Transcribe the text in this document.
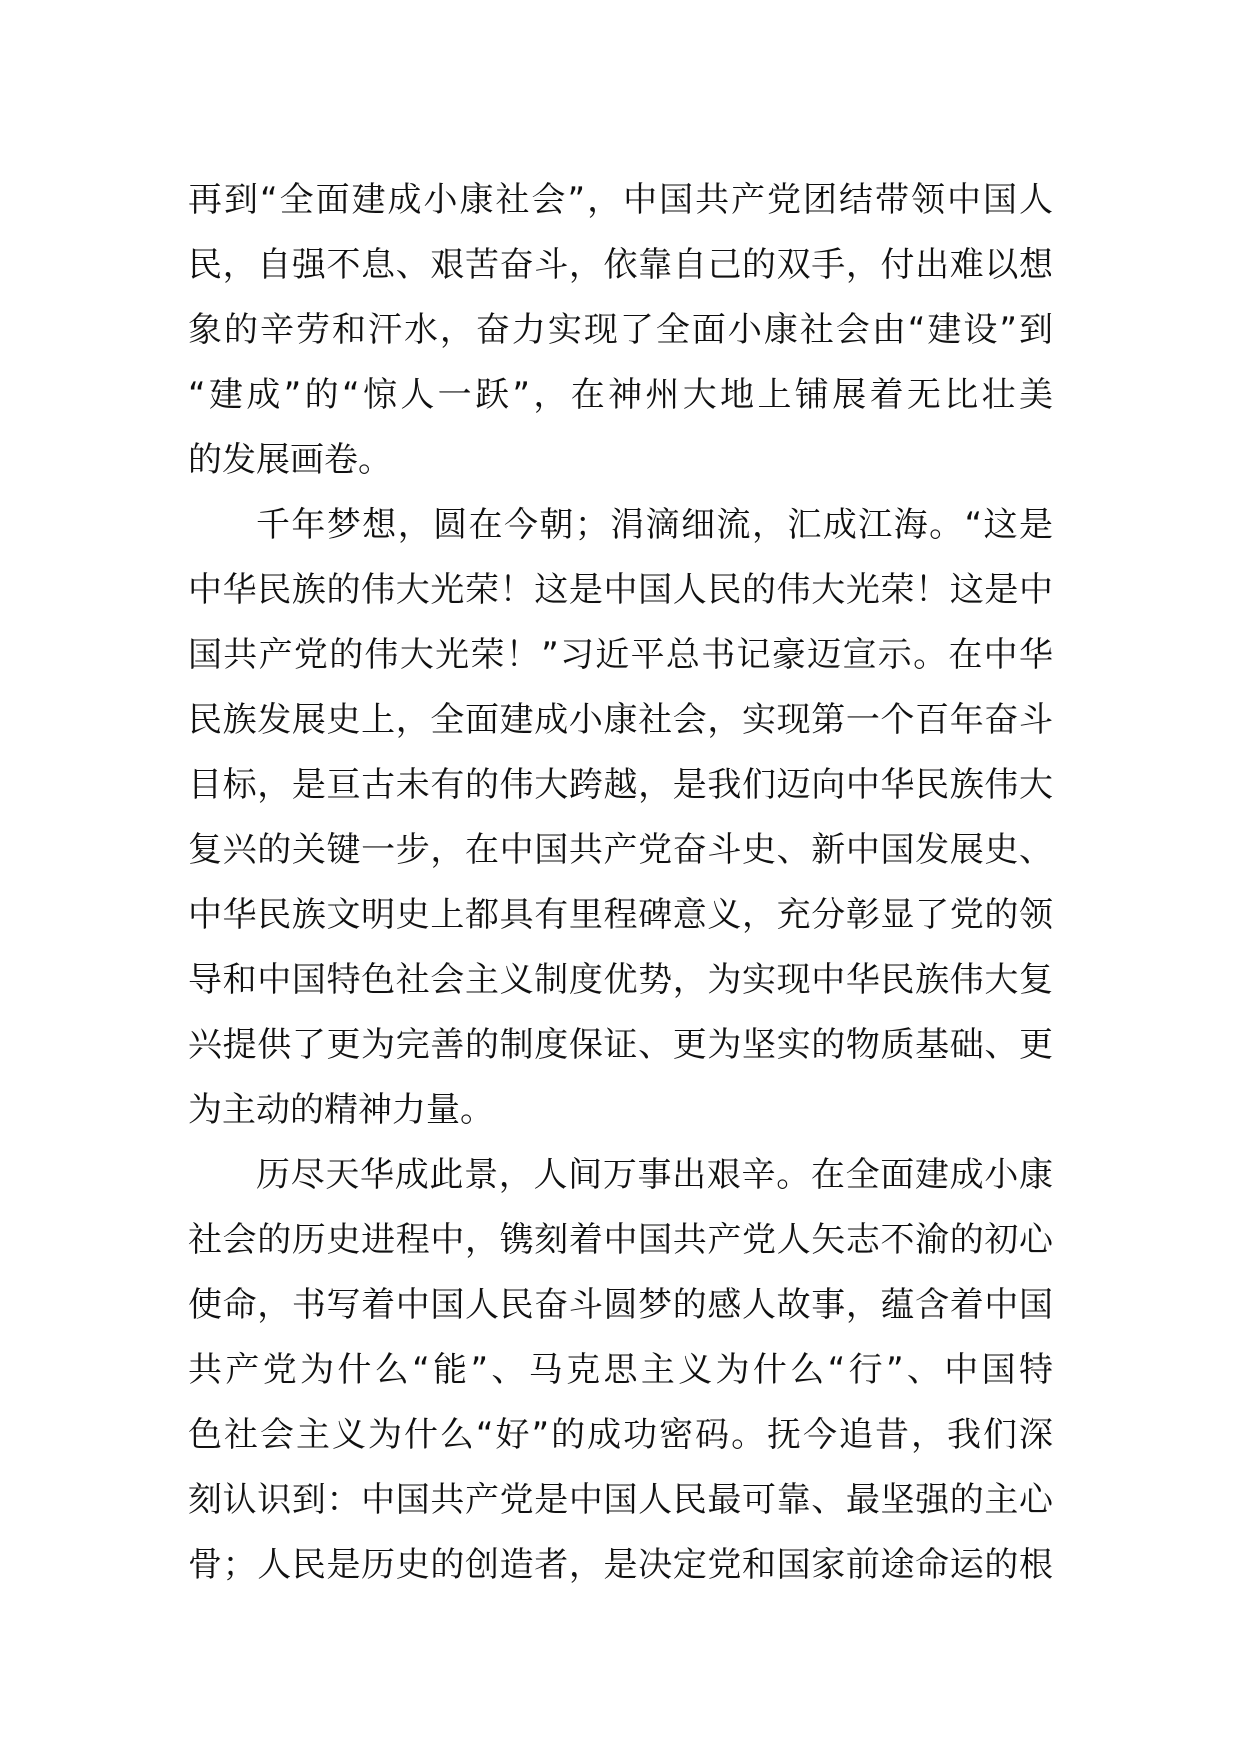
再到“全面建成小康社会”，中国共产党团结带领中国人
民，自强不息、艰苦奋斗，依靠自己的双手，付出难以想
象的辛劳和汗水，奋力实现了全面小康社会由“建设”到
“建成”的“惊人一跃”，在神州大地上铺展着无比壮美
的发展画卷。
千年梦想，圆在今朝；涓滴细流，汇成江海。“这是
中华民族的伟大光荣！这是中国人民的伟大光荣！这是中
国共产党的伟大光荣！”习近平总书记豪迈宣示。在中华
民族发展史上，全面建成小康社会，实现第一个百年奋斗
目标，是亘古未有的伟大跨越，是我们迈向中华民族伟大
复兴的关键一步，在中国共产党奋斗史、新中国发展史、
中华民族文明史上都具有里程碑意义，充分彰显了党的领
导和中国特色社会主义制度优势，为实现中华民族伟大复
兴提供了更为完善的制度保证、更为坚实的物质基础、更
为主动的精神力量。
历尽天华成此景，人间万事出艰辛。在全面建成小康
社会的历史进程中，镌刻着中国共产党人矢志不渝的初心
使命，书写着中国人民奋斗圆梦的感人故事，蕴含着中国
共产党为什么“能”、马克思主义为什么“行”、中国特
色社会主义为什么“好”的成功密码。抚今追昔，我们深
刻认识到：中国共产党是中国人民最可靠、最坚强的主心
骨；人民是历史的创造者，是决定党和国家前途命运的根
